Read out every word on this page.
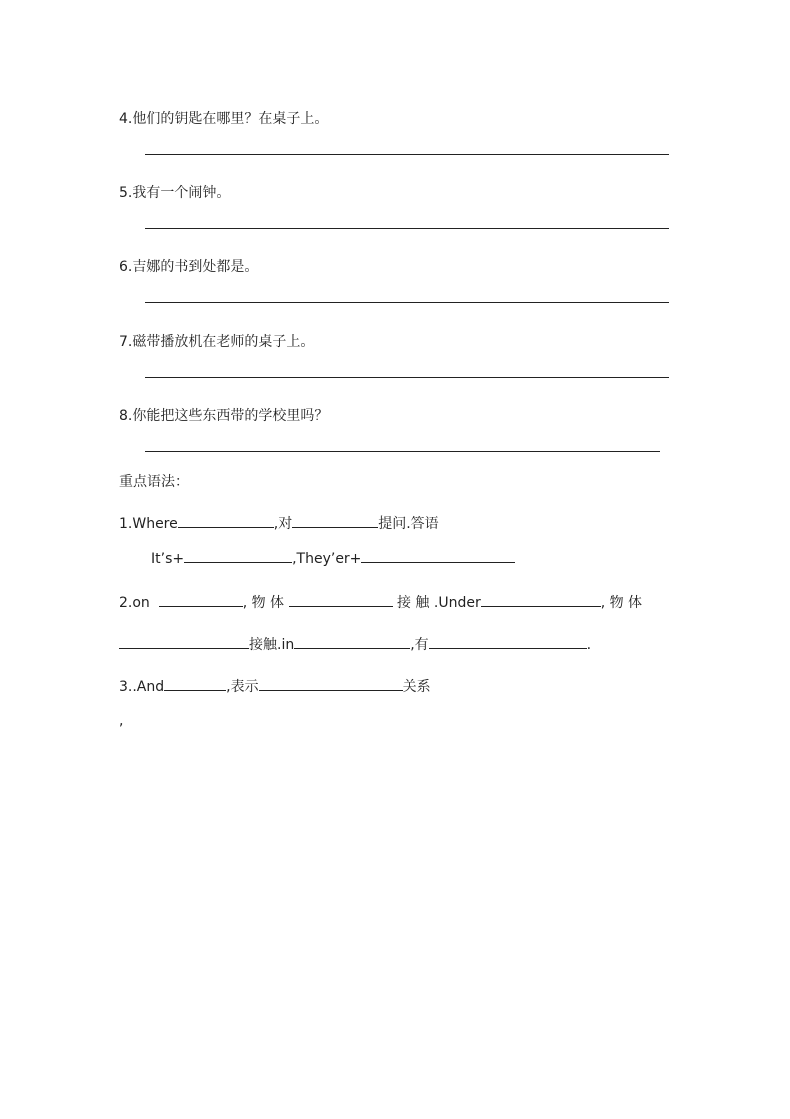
4.他们的钥匙在哪里？在桌子上。
5.我有一个闹钟。
6.吉娜的书到处都是。
7.磁带播放机在老师的桌子上。
8.你能把这些东西带的学校里吗？
重点语法：
1.Where	,对	提问.答语
It’s+	,They’er+
2.on	, 物 体	接 触 .Under	, 物 体
接触.in	,有	.
3..And	,表示	关系
,
